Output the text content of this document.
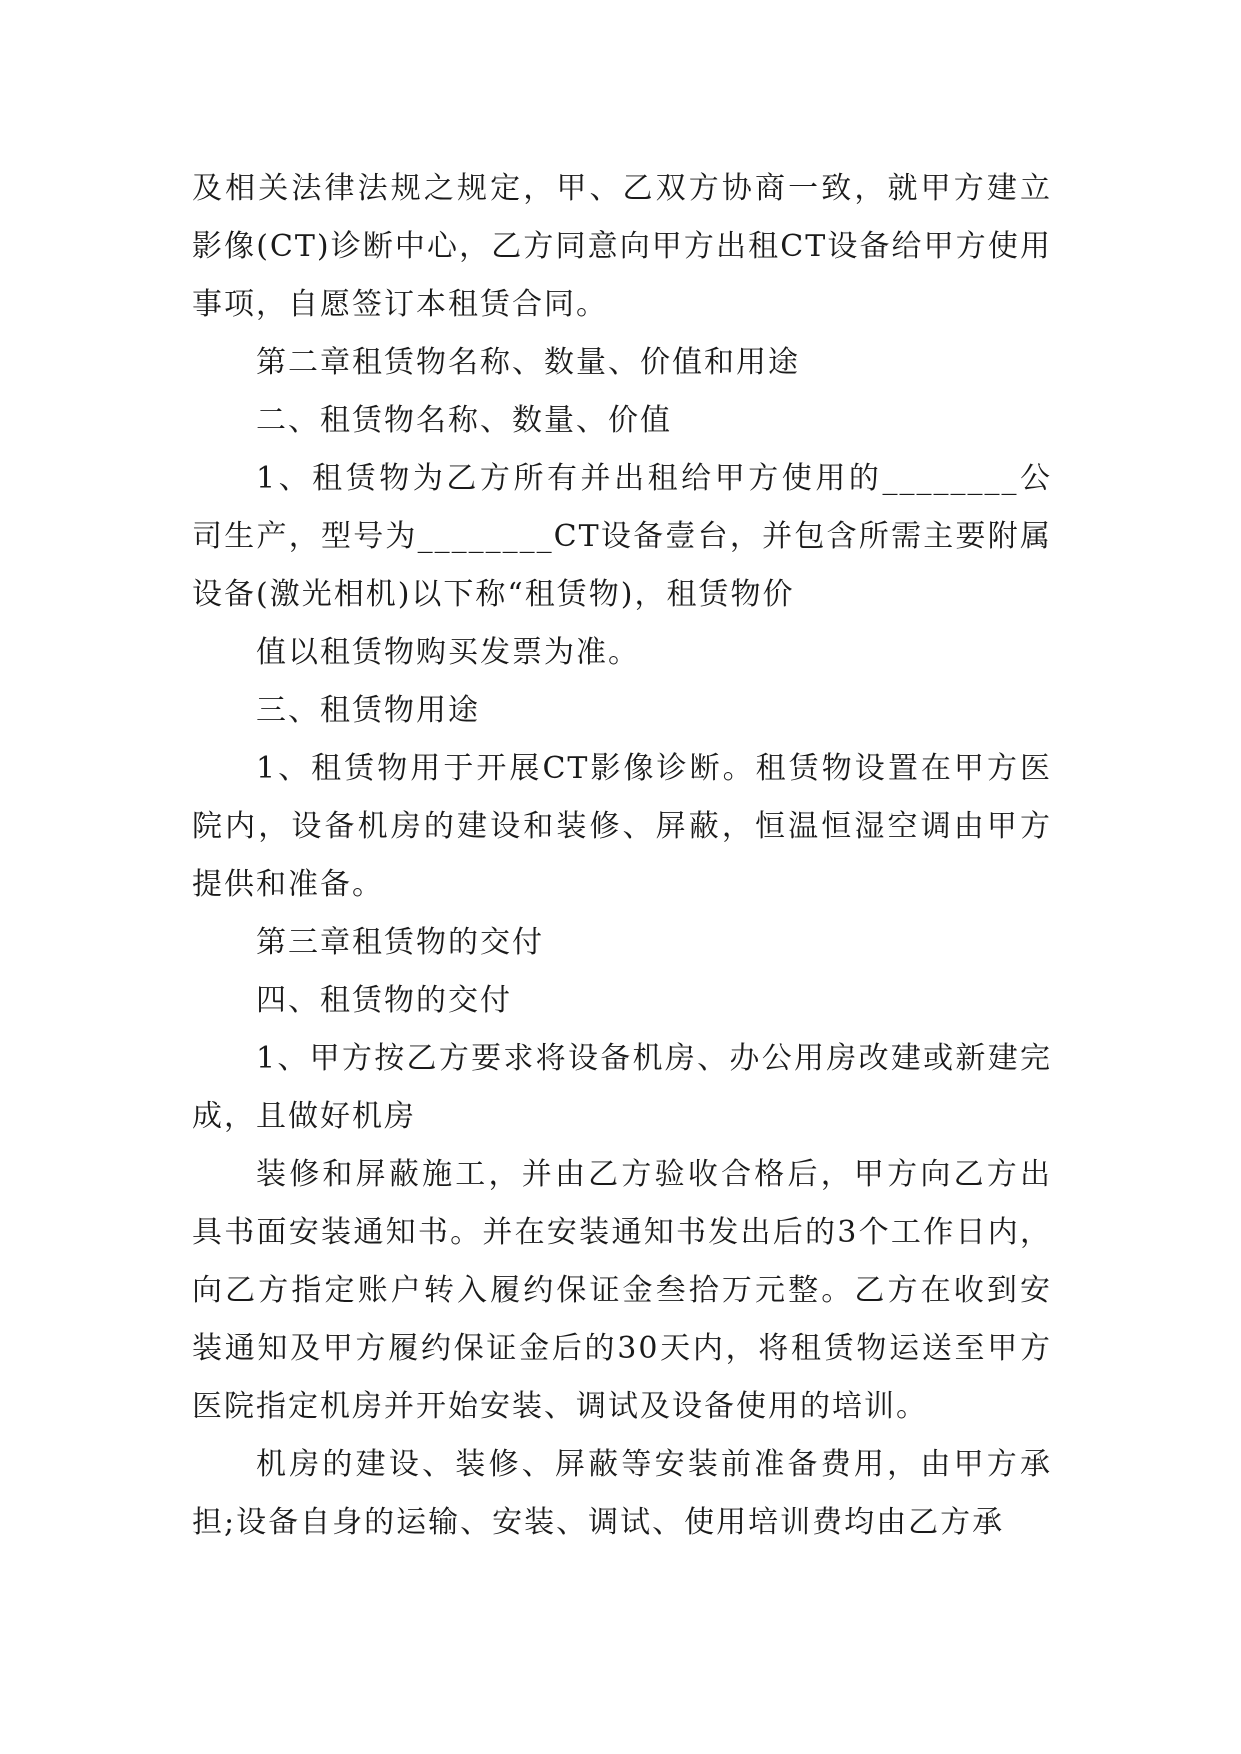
及相关法律法规之规定，甲、乙双方协商一致，就甲方建立影像(CT)诊断中心，乙方同意向甲方出租CT设备给甲方使用事项，自愿签订本租赁合同。

第二章租赁物名称、数量、价值和用途

二、租赁物名称、数量、价值

1、租赁物为乙方所有并出租给甲方使用的________公司生产，型号为________CT设备壹台，并包含所需主要附属设备(激光相机)以下称“租赁物)，租赁物价

值以租赁物购买发票为准。

三、租赁物用途

1、租赁物用于开展CT影像诊断。租赁物设置在甲方医院内，设备机房的建设和装修、屏蔽，恒温恒湿空调由甲方提供和准备。

第三章租赁物的交付

四、租赁物的交付

1、甲方按乙方要求将设备机房、办公用房改建或新建完成，且做好机房

装修和屏蔽施工，并由乙方验收合格后，甲方向乙方出具书面安装通知书。并在安装通知书发出后的3个工作日内，向乙方指定账户转入履约保证金叁拾万元整。乙方在收到安装通知及甲方履约保证金后的30天内，将租赁物运送至甲方医院指定机房并开始安装、调试及设备使用的培训。

机房的建设、装修、屏蔽等安装前准备费用，由甲方承担;设备自身的运输、安装、调试、使用培训费均由乙方承
